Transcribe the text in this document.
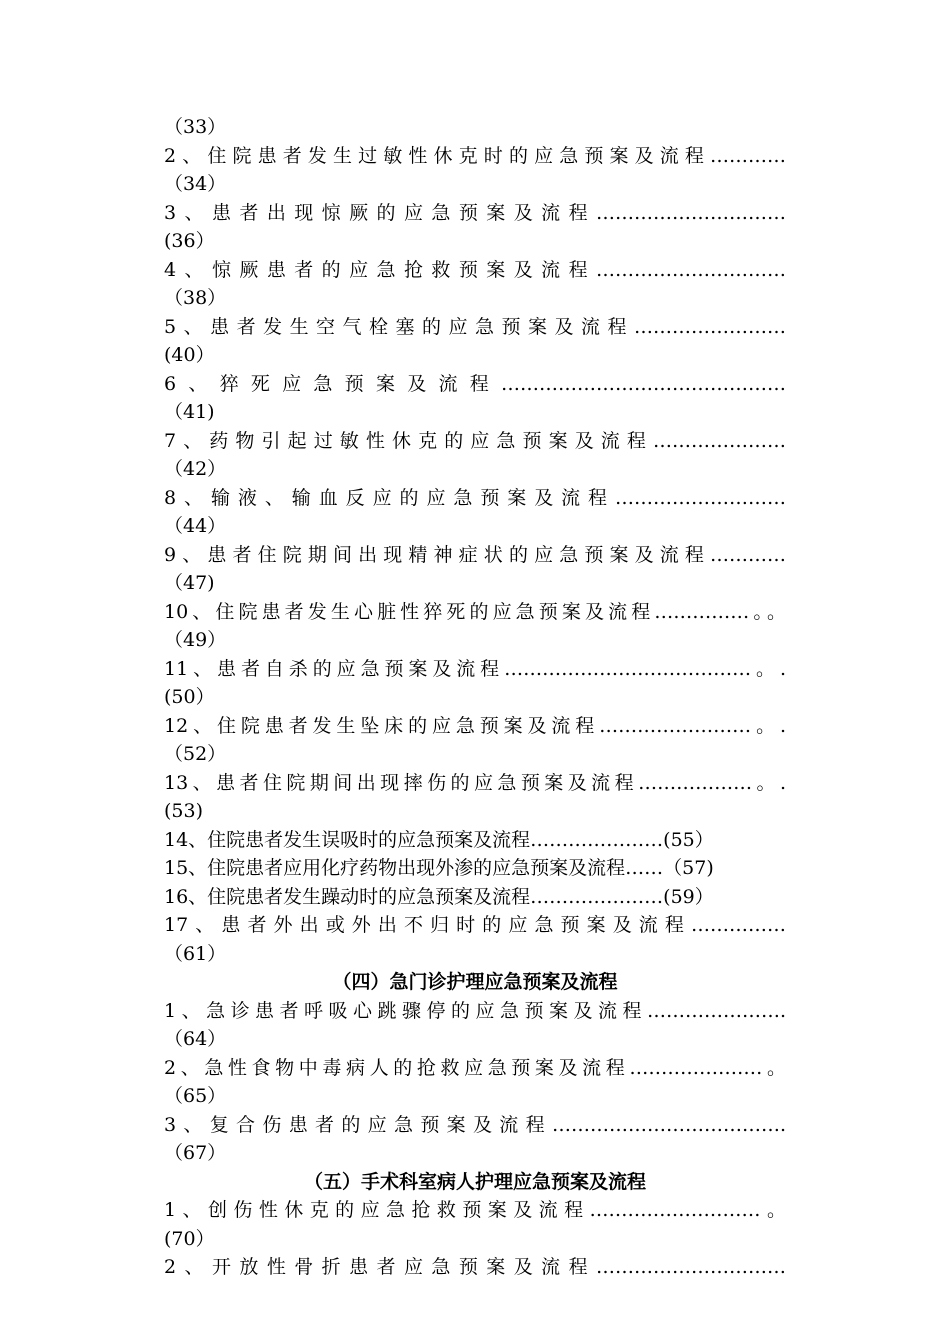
（33）
2、住院患者发生过敏性休克时的应急预案及流程…………
（34）
3、患者出现惊厥的应急预案及流程…………………………
(36）
4、惊厥患者的应急抢救预案及流程…………………………
（38）
5、患者发生空气栓塞的应急预案及流程……………………
(40）
6、猝死应急预案及流程………………………………………
（41)
7、药物引起过敏性休克的应急预案及流程…………………
（42）
8、输液、输血反应的应急预案及流程………………………
（44）
9、患者住院期间出现精神症状的应急预案及流程…………
（47)
10、住院患者发生心脏性猝死的应急预案及流程……………。。
（49）
11、患者自杀的应急预案及流程…………………………………。.
(50）
12、住院患者发生坠床的应急预案及流程……………………。.
（52）
13、患者住院期间出现摔伤的应急预案及流程………………。.
(53)
14、住院患者发生误吸时的应急预案及流程…………………(55）
15、住院患者应用化疗药物出现外渗的应急预案及流程……（57)
16、住院患者发生躁动时的应急预案及流程…………………(59）
17、患者外出或外出不归时的应急预案及流程……………
（61）
（四）急门诊护理应急预案及流程
1、急诊患者呼吸心跳骤停的应急预案及流程………………….
（64）
2、急性食物中毒病人的抢救应急预案及流程…………………。
（65）
3、复合伤患者的应急预案及流程……………………………….
（67）
（五）手术科室病人护理应急预案及流程
1、创伤性休克的应急抢救预案及流程………………………。
(70）
2、开放性骨折患者应急预案及流程…………………………
